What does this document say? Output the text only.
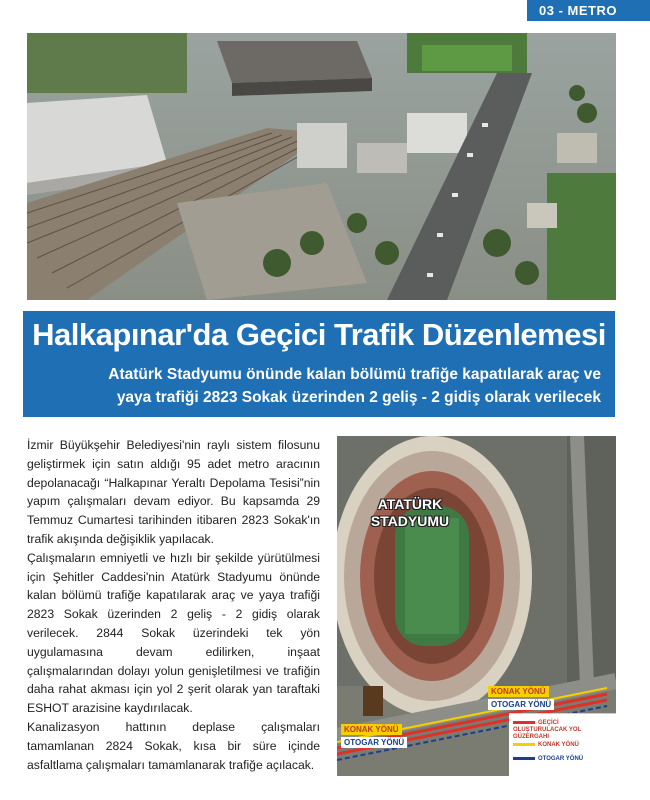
03 - METRO
Halkapınar'da Geçici Trafik Düzenlemesi
Atatürk Stadyumu önünde kalan bölümü trafiğe kapatılarak araç ve
yaya trafiği 2823 Sokak üzerinden 2 geliş - 2 gidiş olarak verilecek

İzmir Büyükşehir Belediyesi'nin raylı sistem filosunu geliştirmek için satın aldığı 95 adet metro aracının depolanacağı “Halkapınar Yeraltı Depolama Tesisi”nin yapım çalışmaları devam ediyor. Bu kapsamda 29 Temmuz Cumartesi tarihinden itibaren 2823 Sokak'ın trafik akışında değişiklik yapılacak.

Çalışmaların emniyetli ve hızlı bir şekilde yürütülmesi için Şehitler Caddesi'nin Atatürk Stadyumu önünde kalan bölümü trafiğe kapatılarak araç ve yaya trafiği 2823 Sokak üzerinden 2 geliş - 2 gidiş olarak verilecek. 2844 Sokak üzerindeki tek yön uygulamasına devam edilirken, inşaat çalışmalarından dolayı yolun genişletilmesi ve trafiğin daha rahat akması için yol 2 şerit olarak yan taraftaki ESHOT arazisine kaydırılacak.

Kanalizasyon hattının deplase çalışmaları tamamlanan 2824 Sokak, kısa bir süre içinde asfaltlama çalışmaları tamamlanarak trafiğe açılacak.

ATATÜRK
STADYUMU
KONAK YÖNÜ
OTOGAR YÖNÜ
KONAK YÖNÜ
OTOGAR YÖNÜ
GEÇİCİ OLUŞTURULACAK YOL GÜZERGAHI
KONAK YÖNÜ
OTOGAR YÖNÜ
